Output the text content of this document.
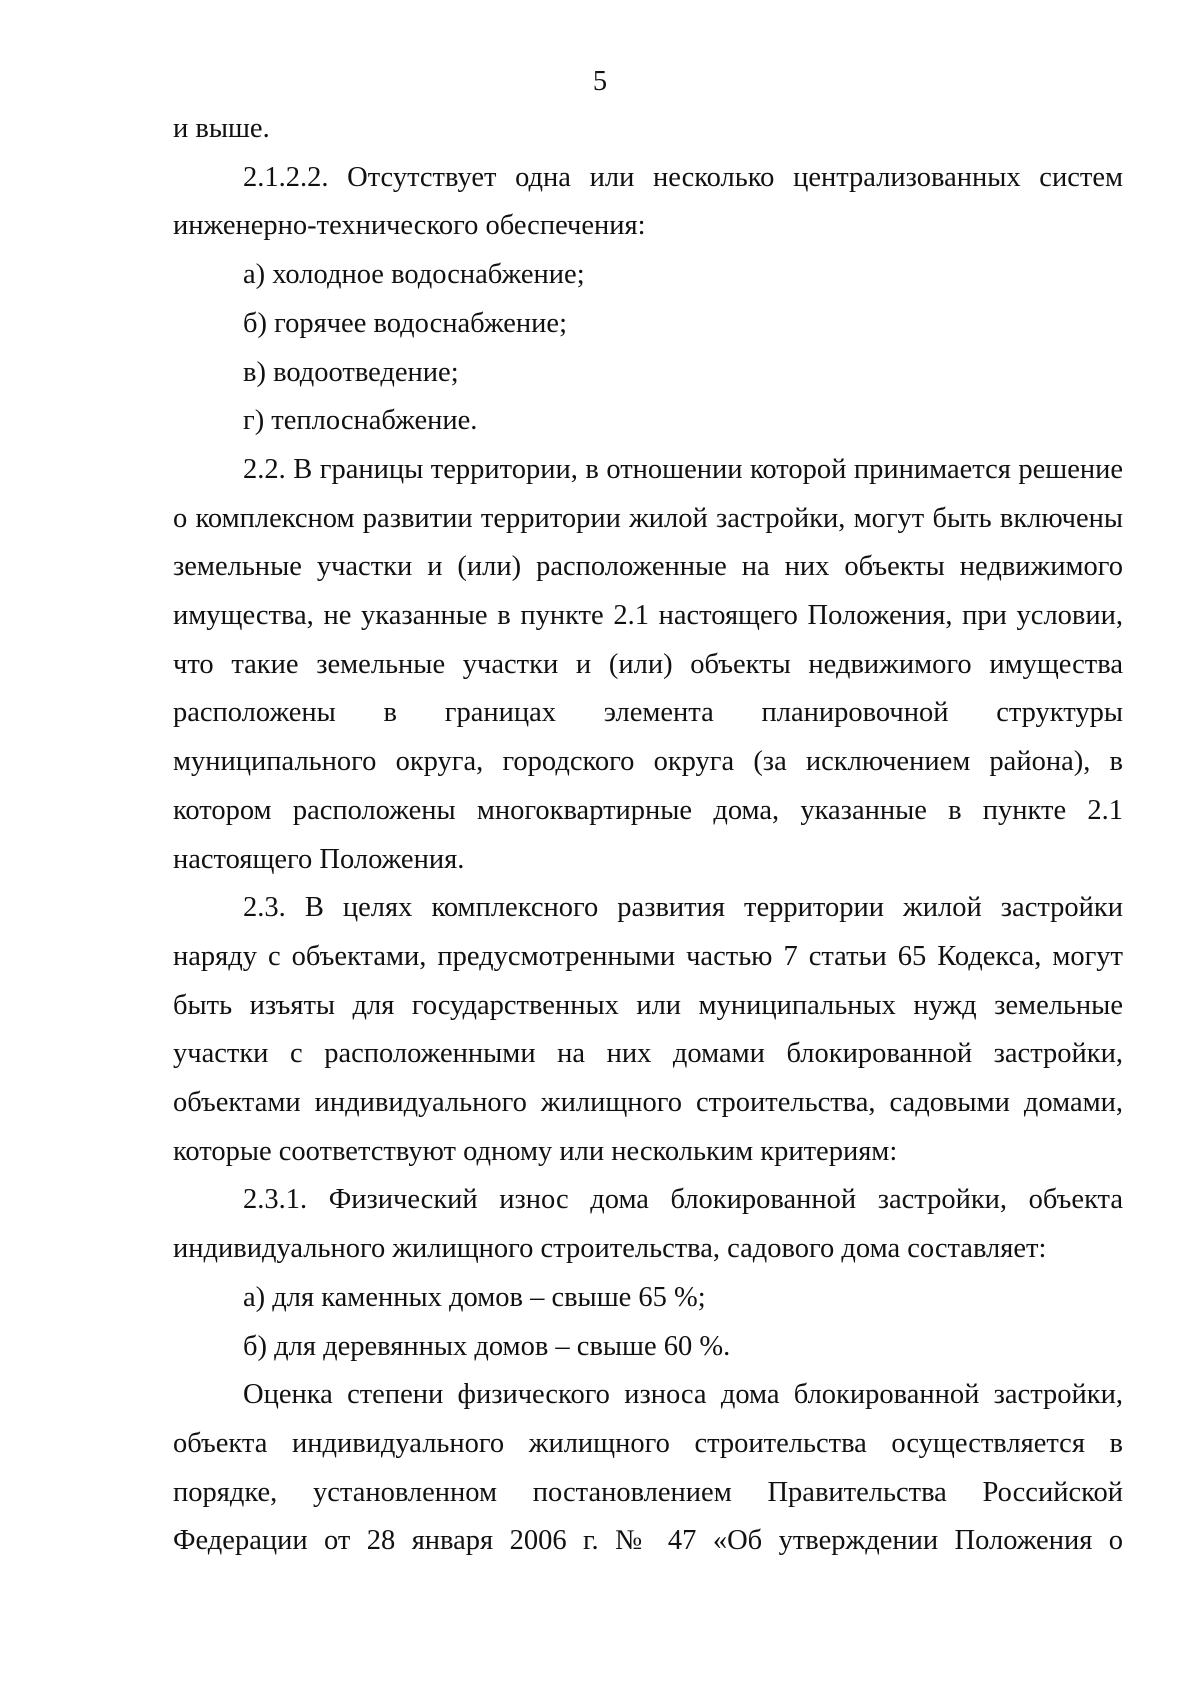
5

и выше.

2.1.2.2. Отсутствует одна или несколько централизованных систем инженерно-технического обеспечения:

а) холодное водоснабжение;

б) горячее водоснабжение;

в) водоотведение;

г) теплоснабжение.

2.2. В границы территории, в отношении которой принимается решение о комплексном развитии территории жилой застройки, могут быть включены земельные участки и (или) расположенные на них объекты недвижимого имущества, не указанные в пункте 2.1 настоящего Положения, при условии, что такие земельные участки и (или) объекты недвижимого имущества расположены в границах элемента планировочной структуры муниципального округа, городского округа (за исключением района), в котором расположены многоквартирные дома, указанные в пункте 2.1 настоящего Положения.

2.3. В целях комплексного развития территории жилой застройки наряду с объектами, предусмотренными частью 7 статьи 65 Кодекса, могут быть изъяты для государственных или муниципальных нужд земельные участки с расположенными на них домами блокированной застройки, объектами индивидуального жилищного строительства, садовыми домами, которые соответствуют одному или нескольким критериям:

2.3.1. Физический износ дома блокированной застройки, объекта индивидуального жилищного строительства, садового дома составляет:

а) для каменных домов – свыше 65 %;

б) для деревянных домов – свыше 60 %.

Оценка степени физического износа дома блокированной застройки, объекта индивидуального жилищного строительства осуществляется в порядке, установленном постановлением Правительства Российской Федерации от 28 января 2006 г. № 47 «Об утверждении Положения о
